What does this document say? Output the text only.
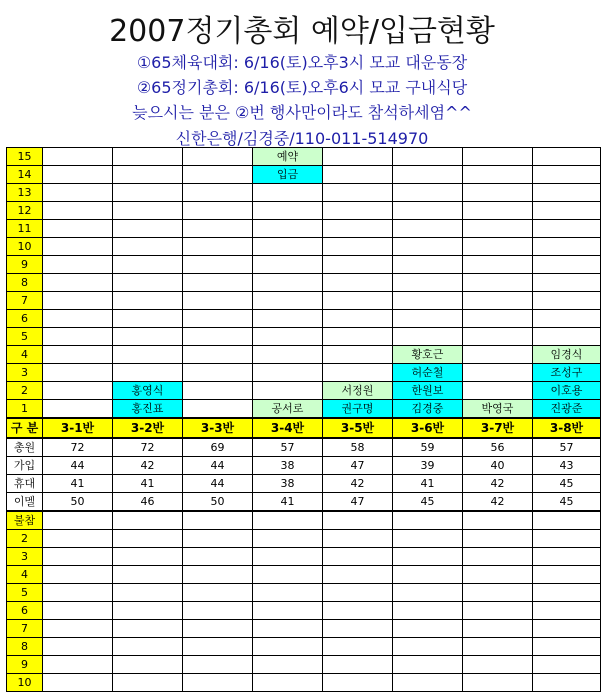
2007정기총회 예약/입금현황
①65체육대회: 6/16(토)오후3시 모교 대운동장
②65정기총회: 6/16(토)오후6시 모교 구내식당
늦으시는 분은 ②번 행사만이라도 참석하세염^^
신한은행/김경중/110-011-514970
15				예약				
14				입금				
13								
12								
11								
10								
9								
8								
7								
6								
5								
4						황호근		임경식
3						허순철		조성구
2		홍영식			서정원	한원보		이호용
1		홍진표		공서로	권구명	김경중	박영국	진광준
구 분	3-1반	3-2반	3-3반	3-4반	3-5반	3-6반	3-7반	3-8반
총원	72	72	69	57	58	59	56	57
가입	44	42	44	38	47	39	40	43
휴대	41	41	44	38	42	41	42	45
이멜	50	46	50	41	47	45	42	45
불참								
2								
3								
4								
5								
6								
7								
8								
9								
10								
